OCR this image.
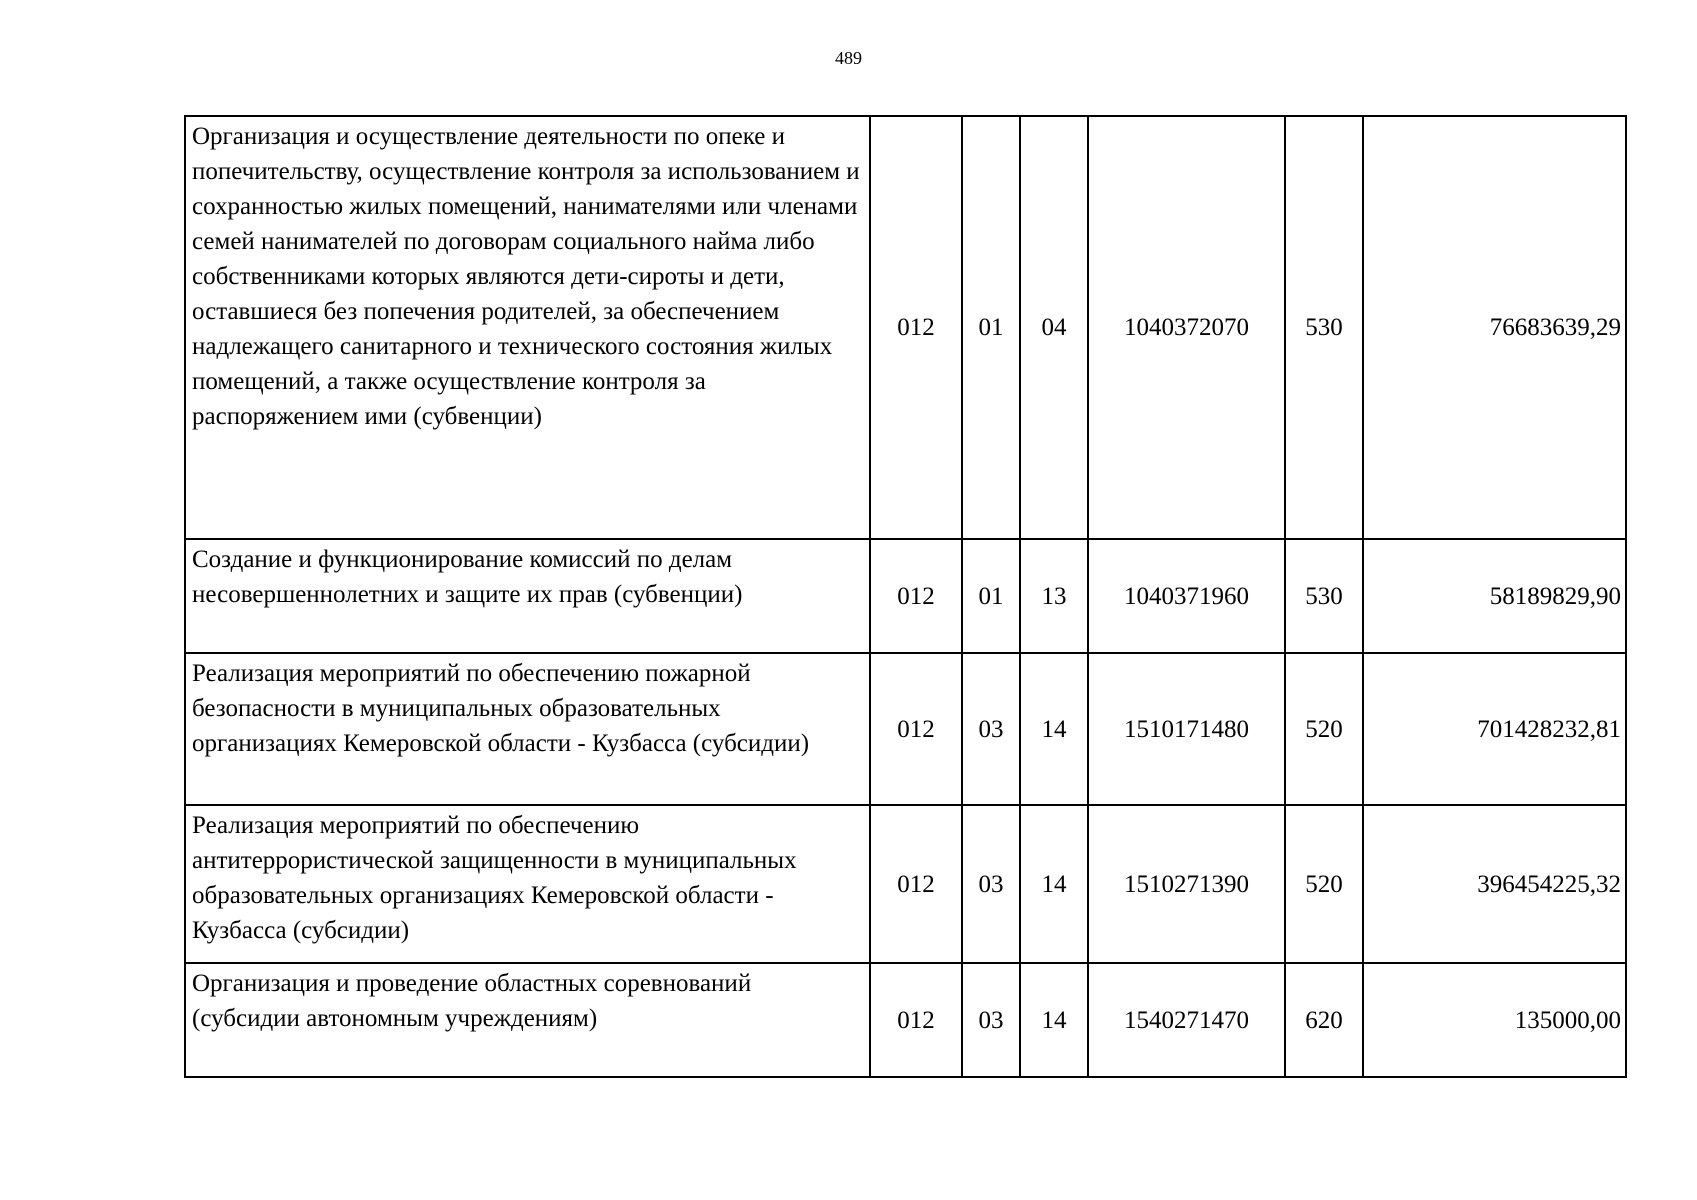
489
Организация и осуществление деятельности по опеке и попечительству, осуществление контроля за использованием и сохранностью жилых помещений, нанимателями или членами семей нанимателей по договорам социального найма либо собственниками которых являются дети-сироты и дети, оставшиеся без попечения родителей, за обеспечением надлежащего санитарного и технического состояния жилых помещений, а также осуществление контроля за распоряжением ими (субвенции)	012	01	04	1040372070	530	76683639,29
Создание и функционирование комиссий по делам несовершеннолетних и защите их прав (субвенции)	012	01	13	1040371960	530	58189829,90
Реализация мероприятий по обеспечению пожарной безопасности в муниципальных образовательных организациях Кемеровской области - Кузбасса (субсидии)	012	03	14	1510171480	520	701428232,81
Реализация мероприятий по обеспечению антитеррористической защищенности в муниципальных образовательных организациях Кемеровской области - Кузбасса (субсидии)	012	03	14	1510271390	520	396454225,32
Организация и проведение областных соревнований (субсидии автономным учреждениям)	012	03	14	1540271470	620	135000,00
